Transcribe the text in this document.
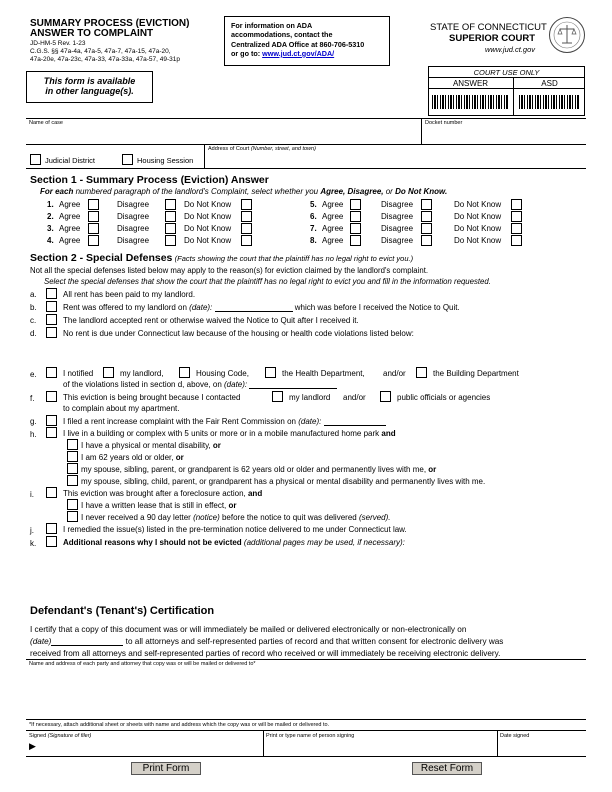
SUMMARY PROCESS (EVICTION)
ANSWER TO COMPLAINT
JD-HM-5 Rev. 1-23
C.G.S. §§ 47a-4a, 47a-5, 47a-7, 47a-15, 47a-20,
47a-20e, 47a-23c, 47a-33, 47a-33a, 47a-57, 49-31p
This form is available
in other language(s).
For information on ADA
accommodations, contact the
Centralized ADA Office at 860-706-5310
or go to: www.jud.ct.gov/ADA/
STATE OF CONNECTICUT
SUPERIOR COURT
www.jud.ct.gov
COURT USE ONLY
ANSWER	ASD
Name of case	Docket number
Judicial District	Housing Session
Address of Court (Number, street, and town)
Section 1 - Summary Process (Eviction) Answer
For each numbered paragraph of the landlord's Complaint, select whether you Agree, Disagree, or Do Not Know.
1. Agree	Disagree	Do Not Know
2. Agree	Disagree	Do Not Know
3. Agree	Disagree	Do Not Know
4. Agree	Disagree	Do Not Know
5. Agree	Disagree	Do Not Know
6. Agree	Disagree	Do Not Know
7. Agree	Disagree	Do Not Know
8. Agree	Disagree	Do Not Know
Section 2 - Special Defenses (Facts showing the court that the plaintiff has no legal right to evict you.)
Not all the special defenses listed below may apply to the reason(s) for eviction claimed by the landlord's complaint.
Select the special defenses that show the court that the plaintiff has no legal right to evict you and fill in the information requested.
a.	All rent has been paid to my landlord.
b.	Rent was offered to my landlord on (date):	which was before I received the Notice to Quit.
c.	The landlord accepted rent or otherwise waived the Notice to Quit after I received it.
d.	No rent is due under Connecticut law because of the housing or health code violations listed below:
e.	I notified	my landlord,	Housing Code,	the Health Department, and/or	the Building Department
of the violations listed in section d, above, on (date):
f.	This eviction is being brought because I contacted	my landlord and/or	public officials or agencies
to complain about my apartment.
g.	I filed a rent increase complaint with the Fair Rent Commission on (date):
h.	I live in a building or complex with 5 units or more or in a mobile manufactured home park and
I have a physical or mental disability, or
I am 62 years old or older, or
my spouse, sibling, parent, or grandparent is 62 years old or older and permanently lives with me, or
my spouse, sibling, child, parent, or grandparent has a physical or mental disability and permanently lives with me.
i.	This eviction was brought after a foreclosure action, and
I have a written lease that is still in effect, or
I never received a 90 day letter (notice) before the notice to quit was delivered (served).
j.	I remedied the issue(s) listed in the pre-termination notice delivered to me under Connecticut law.
k.	Additional reasons why I should not be evicted (additional pages may be used, if necessary):
Defendant's (Tenant's) Certification
I certify that a copy of this document was or will immediately be mailed or delivered electronically or non-electronically on
(date)	to all attorneys and self-represented parties of record and that written consent for electronic delivery was
received from all attorneys and self-represented parties of record who received or will immediately be receiving electronic delivery.
Name and address of each party and attorney that copy was or will be mailed or delivered to*
*If necessary, attach additional sheet or sheets with name and address which the copy was or will be mailed or delivered to.
Signed (Signature of filer)
▶
Print or type name of person signing	Date signed
Print Form	Reset Form
